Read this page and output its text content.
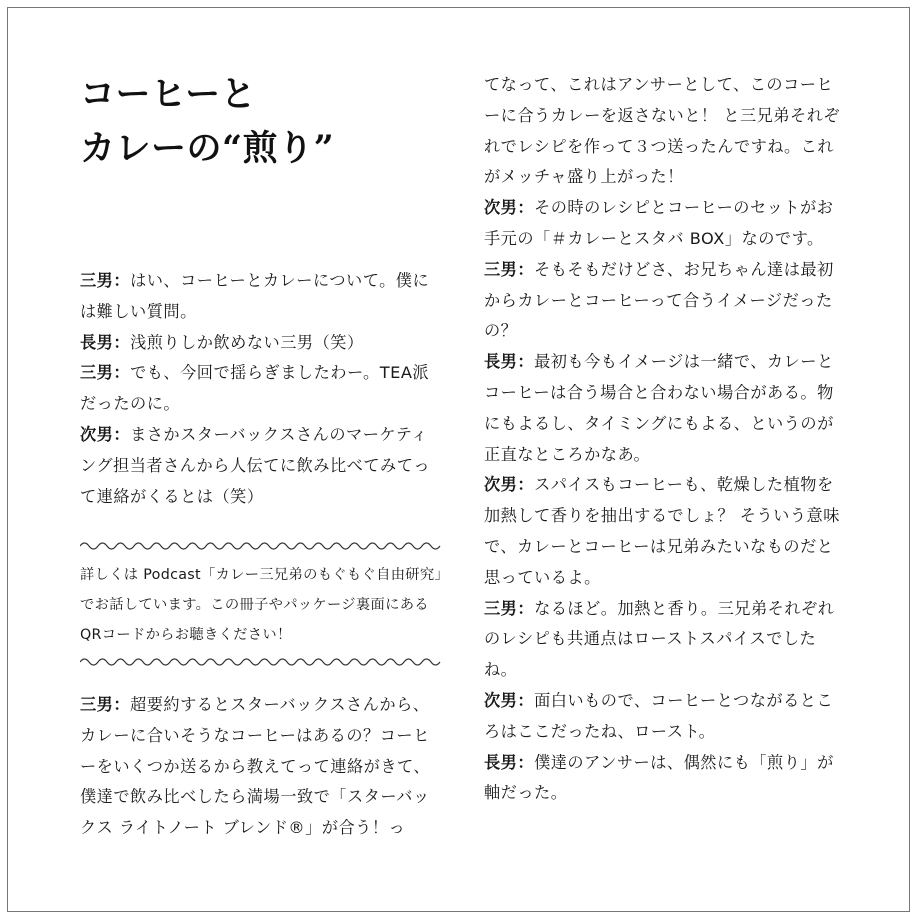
コーヒーと
カレーの“煎り”

三男：はい、コーヒーとカレーについて。僕には難しい質問。

長男：浅煎りしか飲めない三男（笑）

三男：でも、今回で揺らぎましたわー。TEA派だったのに。

次男：まさかスターバックスさんのマーケティング担当者さんから人伝てに飲み比べてみてって連絡がくるとは（笑）

詳しくは Podcast「カレー三兄弟のもぐもぐ自由研究」でお話しています。この冊子やパッケージ裏面にあるQRコードからお聴きください！

三男：超要約するとスターバックスさんから、カレーに合いそうなコーヒーはあるの？コーヒーをいくつか送るから教えてって連絡がきて、僕達で飲み比べしたら満場一致で「スターバックス ライトノート ブレンド®」が合う！っ

てなって、これはアンサーとして、このコーヒーに合うカレーを返さないと！ と三兄弟それぞれでレシピを作って３つ送ったんですね。これがメッチャ盛り上がった！

次男：その時のレシピとコーヒーのセットがお手元の「＃カレーとスタバ BOX」なのです。

三男：そもそもだけどさ、お兄ちゃん達は最初からカレーとコーヒーって合うイメージだったの？

長男：最初も今もイメージは一緒で、カレーとコーヒーは合う場合と合わない場合がある。物にもよるし、タイミングにもよる、というのが正直なところかなあ。

次男：スパイスもコーヒーも、乾燥した植物を加熱して香りを抽出するでしょ？ そういう意味で、カレーとコーヒーは兄弟みたいなものだと思っているよ。

三男：なるほど。加熱と香り。三兄弟それぞれのレシピも共通点はローストスパイスでしたね。

次男：面白いもので、コーヒーとつながるところはここだったね、ロースト。

長男：僕達のアンサーは、偶然にも「煎り」が軸だった。
